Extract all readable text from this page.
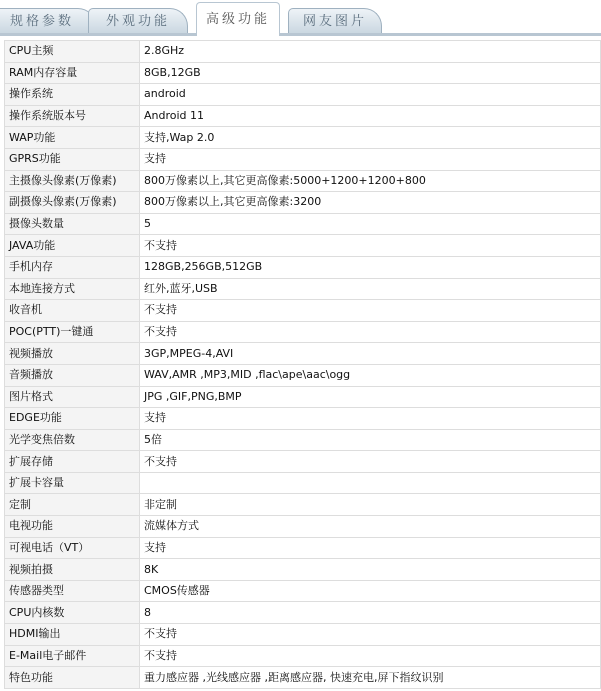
规格参数	外观功能	网友图片
高级功能
CPU主频	2.8GHz
RAM内存容量	8GB,12GB
操作系统	android
操作系统版本号	Android 11
WAP功能	支持,Wap 2.0
GPRS功能	支持
主摄像头像素(万像素)	800万像素以上,其它更高像素:5000+1200+1200+800
副摄像头像素(万像素)	800万像素以上,其它更高像素:3200
摄像头数量	5
JAVA功能	不支持
手机内存	128GB,256GB,512GB
本地连接方式	红外,蓝牙,USB
收音机	不支持
POC(PTT)一键通	不支持
视频播放	3GP,MPEG-4,AVI
音频播放	WAV,AMR ,MP3,MID ,flac\ape\aac\ogg
图片格式	JPG ,GIF,PNG,BMP
EDGE功能	支持
光学变焦倍数	5倍
扩展存储	不支持
扩展卡容量	
定制	非定制
电视功能	流媒体方式
可视电话（VT）	支持
视频拍摄	8K
传感器类型	CMOS传感器
CPU内核数	8
HDMI输出	不支持
E-Mail电子邮件	不支持
特色功能	重力感应器 ,光线感应器 ,距离感应器, 快速充电,屏下指纹识别
